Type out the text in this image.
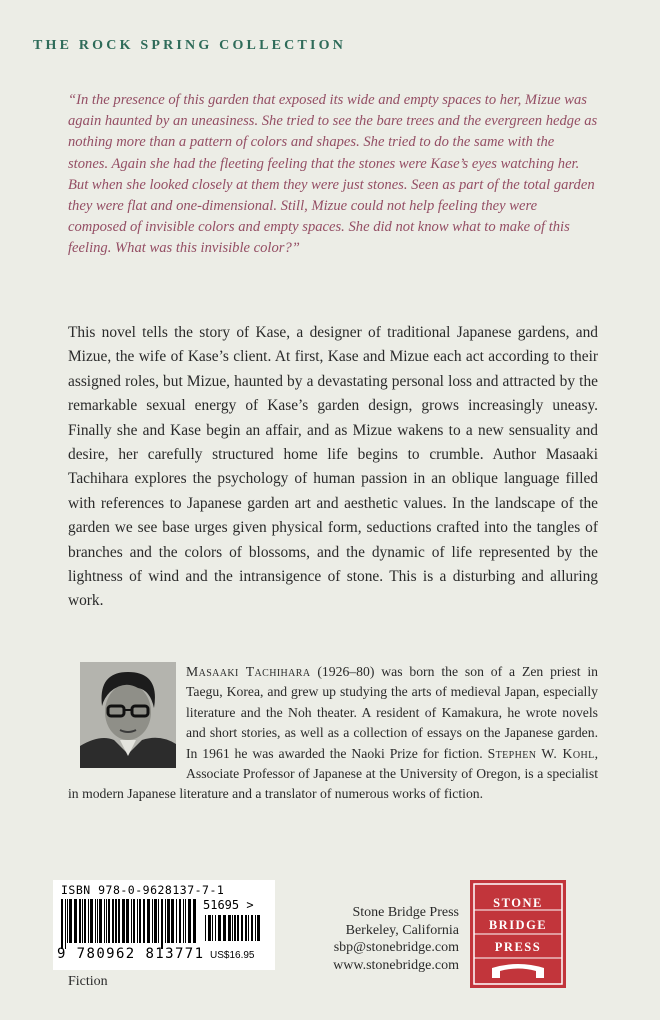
THE ROCK SPRING COLLECTION

“In the presence of this garden that exposed its wide and empty spaces to her, Mizue was again haunted by an uneasiness. She tried to see the bare trees and the evergreen hedge as nothing more than a pattern of colors and shapes. She tried to do the same with the stones. Again she had the fleeting feeling that the stones were Kase’s eyes watching her. But when she looked closely at them they were just stones. Seen as part of the total garden they were flat and one-dimensional. Still, Mizue could not help feeling they were composed of invisible colors and empty spaces. She did not know what to make of this feeling. What was this invisible color?”

This novel tells the story of Kase, a designer of traditional Japanese gardens, and Mizue, the wife of Kase’s client. At first, Kase and Mizue each act according to their assigned roles, but Mizue, haunted by a devastating personal loss and attracted by the remarkable sexual energy of Kase’s garden design, grows increasingly uneasy. Finally she and Kase begin an affair, and as Mizue wakens to a new sensuality and desire, her carefully structured home life begins to crumble. Author Masaaki Tachihara explores the psychology of human passion in an oblique language filled with references to Japanese garden art and aesthetic values. In the landscape of the garden we see base urges given physical form, seductions crafted into the tangles of branches and the colors of blossoms, and the dynamic of life represented by the lightness of wind and the intransigence of stone. This is a disturbing and alluring work.

Masaaki Tachihara (1926–80) was born the son of a Zen priest in Taegu, Korea, and grew up studying the arts of medieval Japan, especially literature and the Noh theater. A resident of Kamakura, he wrote novels and short stories, as well as a collection of essays on the Japanese garden. In 1961 he was awarded the Naoki Prize for fiction. Stephen W. Kohl, Associate Professor of Japanese at the University of Oregon, is a specialist in modern Japanese literature and a translator of numerous works of fiction.

ISBN 978-0-9628137-7-1
51695 >
9 780962 813771 US$16.95
Fiction
Stone Bridge Press
Berkeley, California
sbp@stonebridge.com
www.stonebridge.com
STONE
BRIDGE
PRESS
